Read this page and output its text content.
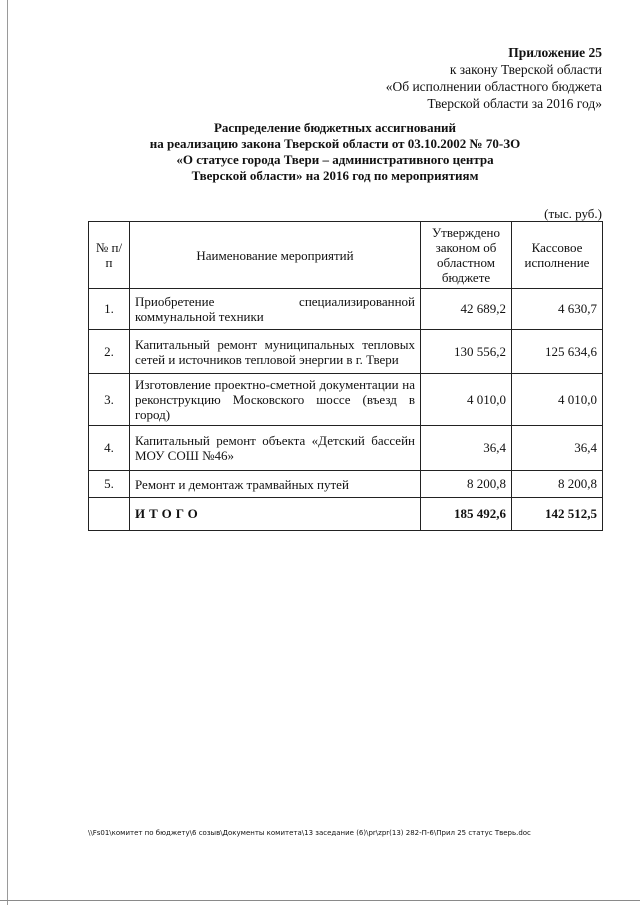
Приложение 25
к закону Тверской области
«Об исполнении областного бюджета
Тверской области за 2016 год»
Распределение бюджетных ассигнований
на реализацию закона Тверской области от 03.10.2002 № 70-ЗО
«О статусе города Твери – административного центра
Тверской области» на 2016 год по мероприятиям
(тыс. руб.)
№ п/п	Наименование мероприятий	Утверждено законом об областном бюджете	Кассовое исполнение
1.	Приобретение специализированной коммунальной техники	42 689,2	4 630,7
2.	Капитальный ремонт муниципальных тепловых сетей и источников тепловой энергии в г. Твери	130 556,2	125 634,6
3.	Изготовление проектно-сметной документации на реконструкцию Московского шоссе (въезд в город)	4 010,0	4 010,0
4.	Капитальный ремонт объекта «Детский бассейн МОУ СОШ №46»	36,4	36,4
5.	Ремонт и демонтаж трамвайных путей	8 200,8	8 200,8
	ИТОГО	185 492,6	142 512,5
\\Fs01\комитет по бюджету\6 созыв\Документы комитета\13 заседание (6)\pr\zpr(13) 282-П-6\Прил 25 статус Тверь.doc
